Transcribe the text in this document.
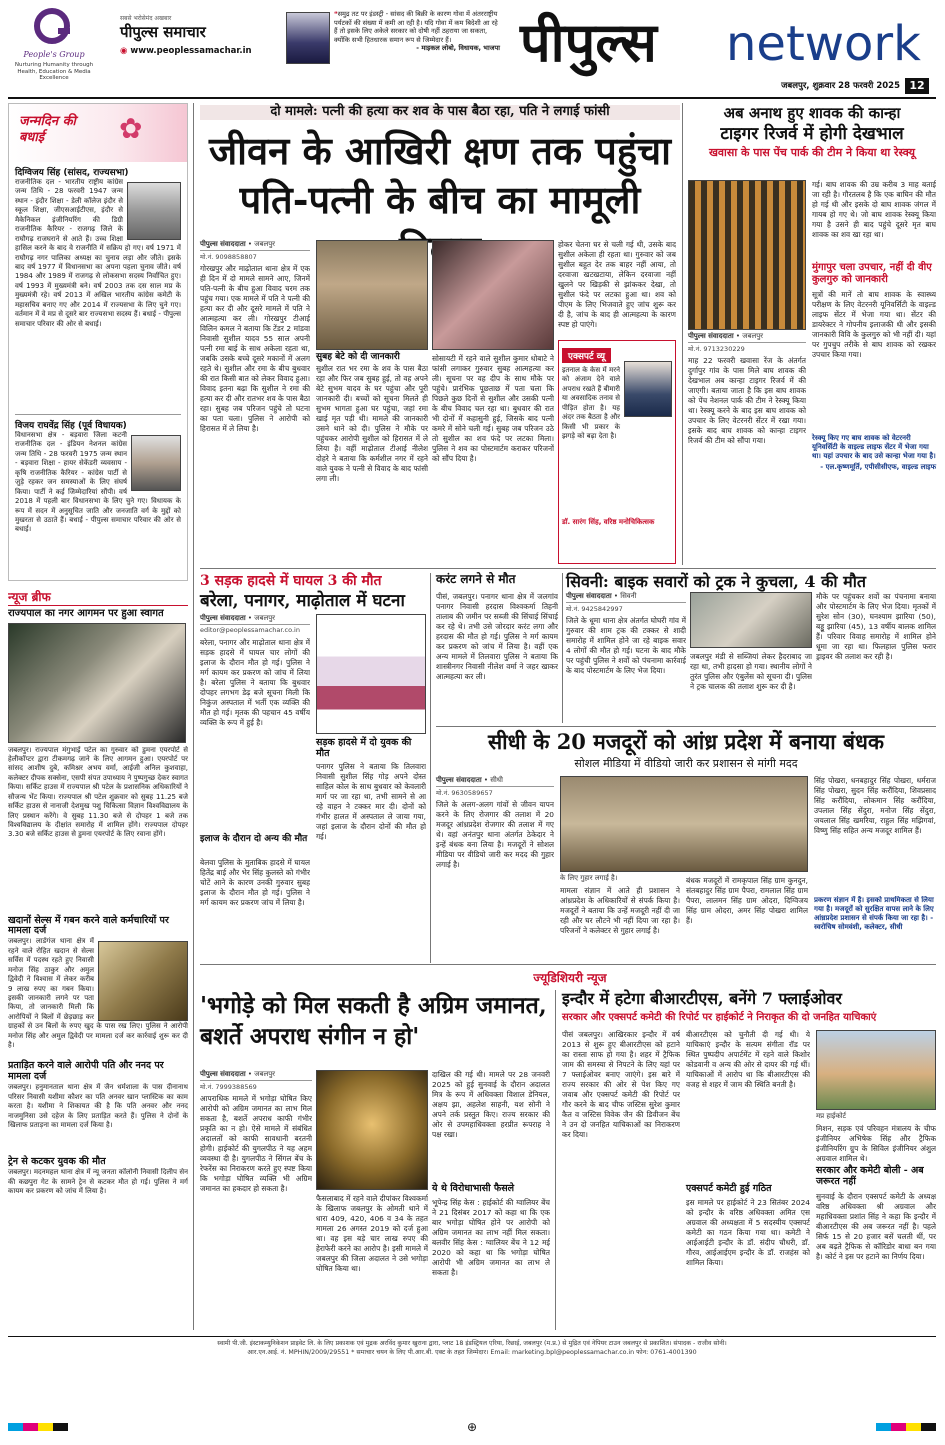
People's Group
Nurturing Humanity through Health, Education & Media Excellence
सबसे भरोसेमंद अखबार
पीपुल्स समाचार
◉ www.peoplessamachar.in
❝समुद्र तट पर इंडस्ट्री - सांसद की बिक्री के कारण गोवा में अंतरराष्ट्रीय पर्यटकों की संख्या में कमी आ रही है। यदि गोवा में कम बिदेशी आ रहे हैं तो इसके लिए अकेले सरकार को दोषी नहीं ठहराया जा सकता, क्योंकि सभी हितधारक समान रूप से जिम्मेदार हैं।
- माइकल लोबो, विधायक, भाजपा पीपुल्स	network
जबलपुर, शुक्रवार 28 फरवरी 2025 12
जन्मदिन की बधाई	✿
दिग्विजय सिंह (सांसद, राज्यसभा)
राजनीतिक दल - भारतीय राष्ट्रीय कांग्रेस जन्म तिथि - 28 फरवरी 1947 जन्म स्थान - इंदौर शिक्षा - डेली कॉलेज इंदौर से स्कूल शिक्षा, जीएसआईटीएस, इंदौर से मैकेनिकल इंजीनियरिंग की डिग्री राजनीतिक कैरियर - राजगढ़ जिले के राघौगढ़ राजघराने से आते हैं। उच्च शिक्षा हासिल करने के बाद वे राजनीति में सक्रिय हो गए। वर्ष 1971 में राघौगढ़ नगर पालिका अध्यक्ष का चुनाव लड़ा और जीते। इसके बाद वर्ष 1977 में विधानसभा का अपना पहला चुनाव जीते। वर्ष 1984 और 1989 में राजगढ़ से लोकसभा सदस्य निर्वाचित हुए। वर्ष 1993 में मुख्यमंत्री बने। वर्ष 2003 तक दस साल मप्र के मुख्यमंत्री रहे। वर्ष 2013 में अखिल भारतीय कांग्रेस कमेटी के महासचिव बनाए गए और 2014 में राज्यसभा के लिए चुने गए। वर्तमान में वे मप्र से दूसरे बार राज्यसभा सदस्य हैं। बधाई - पीपुल्स समाचार परिवार की ओर से बधाई।
विजय राघवेंद्र सिंह (पूर्व विधायक)
विधानसभा क्षेत्र - बड़वारा जिला कटनी राजनीतिक दल - इंडियन नेशनल कांग्रेस जन्म तिथि - 28 फरवरी 1975 जन्म स्थान - बड़वारा शिक्षा - हायर सेकेंडरी व्यवसाय - कृषि राजनीतिक कैरियर - कांग्रेस पार्टी से जुड़े रहकर जन समस्याओं के लिए संघर्ष किया। पार्टी ने कई जिम्मेदारियां सौंपी। वर्ष 2018 में पहली बार विधानसभा के लिए चुने गए। विधायक के रूप में सदन में अनुसूचित जाति और जनजाति वर्ग के मुद्दों को मुखरता से उठाते हैं। बधाई - पीपुल्स समाचार परिवार की ओर से बधाई।
न्यूज ब्रीफ
राज्यपाल का नगर आगमन पर हुआ स्वागत
जबलपुर। राज्यपाल मंगुभाई पटेल का गुरुवार को डुमना एयरपोर्ट से हेलीकॉप्टर द्वारा टीकमगढ़ जाने के लिए आगमन हुआ। एयरपोर्ट पर सांसद आशीष दुबे, कमिश्नर अभय वर्मा, आईजी अनिल कुशवाहा, कलेक्टर दीपक सक्सेना, एसपी संपत उपाध्याय ने पुष्पगुच्छ देकर स्वागत किया। सर्किट हाउस में राज्यपाल श्री पटेल के प्रशासनिक अधिकारियों ने सौजन्य भेंट किया। राज्यपाल श्री पटेल शुक्रवार को सुबह 11.25 बजे सर्किट हाउस से नानाजी देशमुख पशु चिकित्सा विज्ञान विश्वविद्यालय के लिए प्रस्थान करेंगे। वे सुबह 11.30 बजे से दोपहर 1 बजे तक विश्वविद्यालय के दीक्षांत समारोह में शामिल होंगे। राज्यपाल दोपहर 3.30 बजे सर्किट हाउस से डुमना एयरपोर्ट के लिए रवाना होंगे।
खदानों सेल्स में गबन करने वाले कर्मचारियों पर मामला दर्ज
जबलपुर। लार्डगंज थाना क्षेत्र में रहने वाले रोहित खदान से सेल्स सर्विस में पदस्थ रहते हुए निवासी मनोज सिंह ठाकुर और अमुल द्विवेदी ने विश्वास में लेकर करीब 9 लाख रुपए का गबन किया। इसकी जानकारी लगने पर पता किया, तो जानकारी मिली कि आरोपियों ने बिलों में छेड़छाड़ कर ग्राहकों से उन बिलों के रुपए खुद के पास रख लिए। पुलिस ने आरोपी मनोज सिंह और अमुल द्विवेदी पर मामला दर्ज कर कार्रवाई शुरू कर दी है।
प्रताड़ित करने वाले आरोपी पति और ननद पर मामला दर्ज
जबलपुर। हनुमानताल थाना क्षेत्र में जैन धर्मशाला के पास दीनानाथ परिसर निवासी यशीमा कौशर का पति अनवर खान प्लास्टिक का काम करता है। यशीमा ने शिकायत की है कि पति अनवर और ननद नाजमुनिसा उसे दहेज के लिए प्रताड़ित करते हैं। पुलिस ने दोनों के खिलाफ प्रताड़ना का मामला दर्ज किया है।
ट्रेन से कटकर युवक की मौत
जबलपुर। मदनमहल थाना क्षेत्र में न्यू जनता कॉलोनी निवासी दिलीप सेन की कछपुरा गेट के सामने ट्रेन से कटकर मौत हो गई। पुलिस ने मर्ग कायम कर प्रकरण को जांच में लिया है।
दो मामले: पत्नी की हत्या कर शव के पास बैठा रहा, पति ने लगाई फांसी
जीवन के आखिरी क्षण तक पहुंचा पति-पत्नी के बीच का मामूली
पीपुल्स संवाददाता • जबलपुर
मो.नं. 9098858807
गोरखपुर और माढ़ोताल थाना क्षेत्र में एक ही दिन में दो मामले सामने आए, जिनमें पति-पत्नी के बीच हुआ विवाद चरम तक पहुंच गया। एक मामले में पति ने पत्नी की हत्या कर दी और दूसरे मामले में पति ने आत्महत्या कर ली। गोरखपुर टीआई विलिन कमल ने बताया कि टेंडर 2 मांडवा निवासी सुशील यादव 55 साल अपनी पत्नी रमा बाई के साथ अकेला रहता था, जबकि उसके बच्चे दूसरे मकानों में अलग रहते थे। सुशील और रमा के बीच बुधवार की रात किसी बात को लेकर विवाद हुआ। विवाद इतना बढ़ा कि सुशील ने रमा की हत्या कर दी और रातभर शव के पास बैठा रहा। सुबह जब परिजन पहुंचे तो घटना का पता चला। पुलिस ने आरोपी को हिरासत में ले लिया है।
सुबह बेटे को दी जानकारी
सुशील रात भर रमा के शव के पास बैठा रहा और फिर जब सुबह हुई, तो वह अपने बेटे सुभम यादव के घर पहुंचा और पूरी जानकारी दी। बच्चों को सूचना मिलते ही सुभम भागता हुआ घर पहुंचा, जहां रमा खाई मृत पड़ी थी। मामले की जानकारी उसने थाने को दी। पुलिस ने मौके पर पहुंचकर आरोपी सुशील को हिरासत में ले लिया है। वहीं माढ़ोताल टीआई नीलेश दोहरे ने बताया कि कर्मशील नगर में रहने वाले युवक ने पत्नी से विवाद के बाद फांसी लगा ली।
सोसायटी में रहने वाले सुशील कुमार धोबाटे ने फांसी लगाकर गुरुवार सुबह आत्महत्या कर ली। सूचना पर वह दीप के साथ मौके पर पहुंचे। प्रारंभिक पूछताछ में पता चला कि पिछले कुछ दिनों से सुशील और उसकी पत्नी के बीच विवाद चल रहा था। बुधवार की रात भी दोनों में कहासुनी हुई, जिसके बाद पत्नी कमरे में सोने चली गई। सुबह जब परिजन उठे तो सुशील का शव फंदे पर लटका मिला। पुलिस ने शव का पोस्टमार्टम कराकर परिजनों को सौंप दिया है।
होकर चेतना घर से चली गई थी, उसके बाद सुशील अकेला ही रहता था। गुरुवार को जब सुशील बहुत देर तक बाहर नहीं आया, तो दरवाजा खटखटाया, लेकिन दरवाजा नहीं खुलने पर खिड़की से झांककर देखा, तो सुशील फंदे पर लटका हुआ था। शव को पीएम के लिए भिजवाते हुए जांच शुरू कर दी है, जांच के बाद ही आत्महत्या के कारण स्पष्ट हो पाएंगे।
एक्सपर्ट व्यू
इतनाल के केस में मरने को अंजाम देने वाले अपराध रखते हैं बीमारी या अवसादिक तनाव से पीड़ित होता है। यह अंदर तक बैठता है और किसी भी प्रकार के झगड़े को बढ़ा देता है।
डॉ. सारंग सिंह, वरिष्ठ मनोचिकित्सक
अब अनाथ हुए शावक की कान्हा
टाइगर रिजर्व में होगी देखभाल
खवासा के पास पेंच पार्क की टीम ने किया था रेस्क्यू
पीपुल्स संवाददाता • जबलपुर
मो.नं. 9713230229
माह 22 फरवरी खवासा रेंज के अंतर्गत दुर्गापुर गांव के पास मिले बाघ शावक की देखभाल अब कान्हा टाइगर रिजर्व में की जाएगी। बताया जाता है कि इस बाघ शावक को पेंच नेशनल पार्क की टीम ने रेस्क्यू किया था। रेस्क्यू करने के बाद इस बाघ शावक को उपचार के लिए वेटरनरी सेंटर में रखा गया। इसके बाद बाघ शावक को कान्हा टाइगर रिजर्व की टीम को सौंपा गया।
गई। बाघ शावक की उम्र करीब 3 माह बताई जा रही है। गौरतलब है कि एक बाघिन की मौत हो गई थी और इसके दो बाघ शावक जंगल में गायब हो गए थे। जो बाघ शावक रेस्क्यू किया गया है उसने ही बाद पहुंचे दूसरे मृत बाघ शावक का शव खा रहा था।
मुंगापुर चला उपचार, नहीं दी वीए कुलगुरु को जानकारी
सूत्रों की मानें तो बाघ शावक के स्वास्थ्य परीक्षण के लिए वेटरनरी यूनिवर्सिटी के वाइल्ड लाइफ सेंटर में भेजा गया था। सेंटर की डायरेक्टर ने गोपनीय इलाजकी थी और इसकी जानकारी विवि के कुलगुरु को भी नहीं दी। यहां पर गुपचुप तरीके से बाघ शावक को रखकर उपचार किया गया।
रेस्क्यू किए गए बाघ शावक को वेटरनरी यूनिवर्सिटी के वाइल्ड लाइफ सेंटर में भेजा गया था। यहां उपचार के बाद उसे कान्हा भेजा गया है।
- एल.कृष्णमूर्ति, एपीसीसीएफ, वाइल्ड लाइफ
3 सड़क हादसे में घायल 3 की मौत
बरेला, पनागर, माढ़ोताल में घटना
पीपुल्स संवाददाता • जबलपुर
editor@peoplessamachar.co.in
बरेला, पनागर और माढ़ोताल थाना क्षेत्र में सड़क हादसे में घायल चार लोगों की इलाज के दौरान मौत हो गई। पुलिस ने मर्ग कायम कर प्रकरण को जांच में लिया है। बरेला पुलिस ने बताया कि बुधवार दोपहर लगभग डेढ़ बजे सूचना मिली कि निकुंज अस्पताल में भर्ती एक व्यक्ति की मौत हो गई। मृतक की पहचान 45 वर्षीय व्यक्ति के रूप में हुई है।
इलाज के दौरान दो अन्य की मौत
बेलवा पुलिस के मुताबिक हादसे में घायल हितेंद्र बाई और भेर सिंह कुलस्ते को गंभीर चोटें आने के कारण उनकी गुरुवार सुबह इलाज के दौरान मौत हो गई। पुलिस ने मर्ग कायम कर प्रकरण जांच में लिया है।
सड़क हादसे में दो युवक की मौत
पनागर पुलिस ने बताया कि तिलवारा निवासी सुशील सिंह गोड़ अपने दोस्त साहिल कोल के साथ बुधवार को केवलारी मार्ग पर जा रहा था, तभी सामने से आ रहे वाहन ने टक्कर मार दी। दोनों को गंभीर हालत में अस्पताल ले जाया गया, जहां इलाज के दौरान दोनों की मौत हो गई।
करंट लगने से मौत
पीसं, जबलपुर। पनागर थाना क्षेत्र में जलगांव पनागर निवासी हरदास विश्वकर्मा तिहनी तालाब की जमीन पर सब्जी की सिंचाई सिंचाई कर रहे थे। तभी उसे जोरदार करंट लगा और हरदास की मौत हो गई। पुलिस ने मर्ग कायम कर प्रकरण को जांच में लिया है। वहीं एक अन्य मामले में तिलवारा पुलिस ने बताया कि शास्त्रीनगर निवासी नीलेश वर्मा ने जहर खाकर आत्महत्या कर ली।
सिवनी: बाइक सवारों को ट्रक ने कुचला, 4 की मौत
पीपुल्स संवाददाता • सिवनी
मो.नं. 9425842997
जिले के धूमा थाना क्षेत्र अंतर्गत घोघरी गांव में गुरुवार की शाम ट्रक की टक्कर से शादी समारोह में शामिल होने जा रहे बाइक सवार 4 लोगों की मौत हो गई। घटना के बाद मौके पर पहुंची पुलिस ने शवों को पंचनामा कार्रवाई के बाद पोस्टमार्टम के लिए भेज दिया।
जबलपुर मंडी से सब्जियां लेकर हैदराबाद जा रहा था, तभी हादसा हो गया। स्थानीय लोगों ने तुरंत पुलिस और एंबुलेंस को सूचना दी। पुलिस ने ट्रक चालक की तलाश शुरू कर दी है।
मौके पर पहुंचकर शवों का पंचनामा बनाया और पोस्टमार्टम के लिए भेज दिया। मृतकों में सुरेश सोन (30), घनश्याम झारिया (50), बड्डू झारिया (45), 13 वर्षीय बालक शामिल हैं। परिवार विवाह समारोह में शामिल होने धूमा जा रहा था। फिलहाल पुलिस फरार ड्राइवर की तलाश कर रही है।
सीधी के 20 मजदूरों को आंध्र प्रदेश में बनाया बंधक
सोशल मीडिया में वीडियो जारी कर प्रशासन से मांगी मदद
पीपुल्स संवाददाता • सीधी
मो.नं. 9630589657
जिले के अलग-अलग गांवों से जीवन यापन करने के लिए रोजगार की तलाश में 20 मजदूर आंध्रप्रदेश रोजगार की तलाश में गए थे। वहां अनंतपुर थाना अंतर्गत ठेकेदार ने इन्हें बंधक बना लिया है। मजदूरों ने सोशल मीडिया पर वीडियो जारी कर मदद की गुहार लगाई है।
के लिए गुहार लगाई है।
मामला संज्ञान में आते ही प्रशासन ने आंध्रप्रदेश के अधिकारियों से संपर्क किया है। मजदूरों ने बताया कि उन्हें मजदूरी नहीं दी जा रही और घर लौटने भी नहीं दिया जा रहा है। परिजनों ने कलेक्टर से गुहार लगाई है।
बंधक मजदूरों में रामकृपाल सिंह ग्राम कुनदुन, संतबहादुर सिंह ग्राम पैपरा, रामलाल सिंह ग्राम पैपरा, लालमन सिंह ग्राम ओदरा, दिग्विजय सिंह ग्राम ओदरा, अमर सिंह पोखरा शामिल हैं।
सिंह पोखरा, धनबहादुर सिंह पोखरा, धर्मराज सिंह पोखरा, सुदन सिंह करौंदिया, शिवप्रसाद सिंह करौंदिया, लोकमान सिंह करौंदिया, उपलाल सिंह सेंदुरा, मनोज सिंह सेंदुरा, जयलाल सिंह खमरिया, राहुल सिंह मझिगवां, विष्णु सिंह सहित अन्य मजदूर शामिल हैं।
प्रकरण संज्ञान में है। इसको प्राथमिकता से लिया गया है। मजदूरों को सुरक्षित वापस लाने के लिए आंध्रप्रदेश प्रशासन से संपर्क किया जा रहा है। - स्वरोचिष सोमवंशी, कलेक्टर, सीधी
ज्यूडिशियरी न्यूज
'भगोड़े को मिल सकती है अग्रिम जमानत, बशर्ते अपराध संगीन न हो'
पीपुल्स संवाददाता • जबलपुर
मो.नं. 7999388569
आपराधिक मामले में भगोड़ा घोषित किए आरोपी को अग्रिम जमानत का लाभ मिल सकता है, बशर्ते अपराध काफी गंभीर प्रकृति का न हो। ऐसे मामले में संबंधित अदालतों को काफी सावधानी बरतनी होगी। हाईकोर्ट की युगलपीठ ने यह अहम व्यवस्था दी है। युगलपीठ ने सिंगल बेंच के रेफरेंस का निराकरण करते हुए स्पष्ट किया कि भगोड़ा घोषित व्यक्ति भी अग्रिम जमानत का हकदार हो सकता है।
फैसलाबाद में रहने वाले दीपांकर विश्वकर्मा के खिलाफ जबलपुर के ओमती थाने में धारा 409, 420, 406 व 34 के तहत मामला 26 अगस्त 2019 को दर्ज हुआ था। वह इस बड़े चार लाख रुपए की हेराफेरी करने का आरोप है। इसी मामले में जबलपुर की जिला अदालत ने उसे भगोड़ा घोषित किया था।
दाखिल की गई थी। मामले पर 28 जनवरी 2025 को हुई सुनवाई के दौरान अदालत मित्र के रूप में अधिवक्ता विशाल डेनियल, अक्षय झा, अहलेश साहनी, यश सोनी ने अपने तर्क प्रस्तुत किए। राज्य सरकार की ओर से उपमहाधिवक्ता हरप्रीत रूपराह ने पक्ष रखा।
ये थे विरोधाभासी फैसले
भूपेन्द्र सिंह केस : हाईकोर्ट की ग्वालियर बेंच ने 21 दिसंबर 2017 को कहा था कि एक बार भगोड़ा घोषित होने पर आरोपी को अग्रिम जमानत का लाभ नहीं मिल सकता। बलवीर सिंह केस : ग्वालियर बेंच ने 12 मई 2020 को कहा था कि भगोड़ा घोषित आरोपी भी अग्रिम जमानत का लाभ ले सकता है।
इन्दौर में हटेगा बीआरटीएस, बनेंगे 7 फ्लाईओवर
सरकार और एक्सपर्ट कमेटी की रिपोर्ट पर हाईकोर्ट ने निराकृत की दो जनहित याचिकाएं
पीसं जबलपुर। आखिरकार इन्दौर में वर्ष 2013 से शुरू हुए बीआरटीएस को हटाने का रास्ता साफ हो गया है। शहर में ट्रैफिक जाम की समस्या से निपटने के लिए यहां पर 7 फ्लाईओवर बनाए जाएंगे। इस बारे में राज्य सरकार की ओर से पेश किए गए जवाब और एक्सपर्ट कमेटी की रिपोर्ट पर गौर करने के बाद चीफ जस्टिस सुरेश कुमार कैत व जस्टिस विवेक जैन की डिवीजन बेंच ने उन दो जनहित याचिकाओं का निराकरण कर दिया।
बीआरटीएस को चुनौती दी गई थी। ये याचिकाएं इन्दौर के सत्यम संगीता रॉड पर स्थित पुष्पदीप अपार्टमेंट में रहने वाले किशोर कोडवानी व अन्य की ओर से दायर की गई थीं। याचिकाओं में आरोप था कि बीआरटीएस की वजह से शहर में जाम की स्थिति बनती है।
एक्सपर्ट कमेटी हुई गठित
इस मामले पर हाईकोर्ट ने 23 सितंबर 2024 को इन्दौर के वरिष्ठ अधिवक्ता अमित एस अग्रवाल की अध्यक्षता में 5 सदस्यीय एक्सपर्ट कमेटी का गठन किया गया था। कमेटी ने आईआईटी इन्दौर के डॉ. संदीप चौधरी, डॉ. गौरव, आईआईएम इन्दौर के डॉ. राजहंस को शामिल किया।
मप्र हाईकोर्ट
मिशन, सड़क एवं परिवहन मंत्रालय के चीफ इंजीनियर अभिषेक सिंह और ट्रैफिक इंजीनियरिंग ग्रुप के सिविल इंजीनियर अंशुल अग्रवाल शामिल थे।
सरकार और कमेटी बोली - अब जरूरत नहीं
सुनवाई के दौरान एक्सपर्ट कमेटी के अध्यक्ष वरिष्ठ अधिवक्ता श्री अग्रवाल और महाधिवक्ता प्रशांत सिंह ने कहा कि इन्दौर में बीआरटीएस की अब जरूरत नहीं है। पहले सिर्फ 15 से 20 हजार बसें चलती थीं, पर अब बढ़ते ट्रैफिक से कॉरिडोर बाधा बन गया है। कोर्ट ने इस पर हटाने का निर्णय दिया।
स्वामी पी.जी. इंस्टाकम्युनिकेशन प्राइवेट लि. के लिए प्रकाशक एवं मुद्रक अरविंद कुमार खुराना द्वारा, प्लाट 18 इंडस्ट्रियल एरिया, रिछाई, जबलपुर (म.प्र.) से मुद्रित एवं नेपियर टाउन जबलपुर से प्रकाशित। संपादक - राजीव सोनी।
आर.एन.आई. नं. MPHIN/2009/29551 * समाचार चयन के लिए पी.आर.बी. एक्ट के तहत जिम्मेदार। Email: marketing.bpl@peoplessamachar.co.in फोन: 0761-4001390
⊕
